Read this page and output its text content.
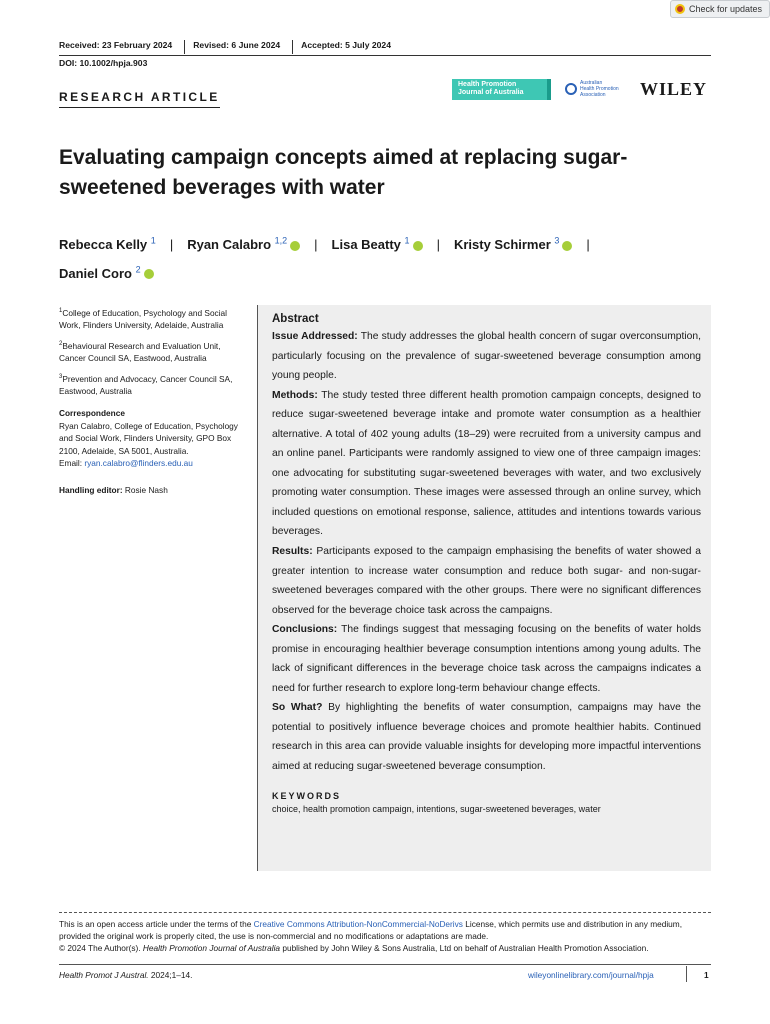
Check for updates
Received: 23 February 2024	Revised: 6 June 2024	Accepted: 5 July 2024
DOI: 10.1002/hpja.903
RESEARCH ARTICLE
Health Promotion
Journal of Australia
Australian
Health Promotion
Association	WILEY
Evaluating campaign concepts aimed at replacing sugar-sweetened beverages with water
Rebecca Kelly $^1$ | Ryan Calabro $^{1,2}$ | Lisa Beatty $^1$ | Kristy Schirmer $^3$ |
Daniel Coro $^2$

$^1$College of Education, Psychology and Social Work, Flinders University, Adelaide, Australia

$^2$Behavioural Research and Evaluation Unit, Cancer Council SA, Eastwood, Australia

$^3$Prevention and Advocacy, Cancer Council SA, Eastwood, Australia

Correspondence

Ryan Calabro, College of Education, Psychology and Social Work, Flinders University, GPO Box 2100, Adelaide, SA 5001, Australia.
Email: ryan.calabro@flinders.edu.au

Handling editor: Rosie Nash

Abstract
Issue Addressed: The study addresses the global health concern of sugar overconsumption, particularly focusing on the prevalence of sugar-sweetened beverage consumption among young people.
Methods: The study tested three different health promotion campaign concepts, designed to reduce sugar-sweetened beverage intake and promote water consumption as a healthier alternative. A total of 402 young adults (18–29) were recruited from a university campus and an online panel. Participants were randomly assigned to view one of three campaign images: one advocating for substituting sugar-sweetened beverages with water, and two exclusively promoting water consumption. These images were assessed through an online survey, which included questions on emotional response, salience, attitudes and intentions towards various beverages.
Results: Participants exposed to the campaign emphasising the benefits of water showed a greater intention to increase water consumption and reduce both sugar- and non-sugar-sweetened beverages compared with the other groups. There were no significant differences observed for the beverage choice task across the campaigns.
Conclusions: The findings suggest that messaging focusing on the benefits of water holds promise in encouraging healthier beverage consumption intentions among young adults. The lack of significant differences in the beverage choice task across the campaigns indicates a need for further research to explore long-term behaviour change effects.
So What? By highlighting the benefits of water consumption, campaigns may have the potential to positively influence beverage choices and promote healthier habits. Continued research in this area can provide valuable insights for developing more impactful interventions aimed at reducing sugar-sweetened beverage consumption.
KEYWORDS
choice, health promotion campaign, intentions, sugar-sweetened beverages, water
This is an open access article under the terms of the Creative Commons Attribution-NonCommercial-NoDerivs License, which permits use and distribution in any medium, provided the original work is properly cited, the use is non-commercial and no modifications or adaptations are made.
© 2024 The Author(s). Health Promotion Journal of Australia published by John Wiley & Sons Australia, Ltd on behalf of Australian Health Promotion Association.
Health Promot J Austral. 2024;1–14.	wileyonlinelibrary.com/journal/hpja	1
